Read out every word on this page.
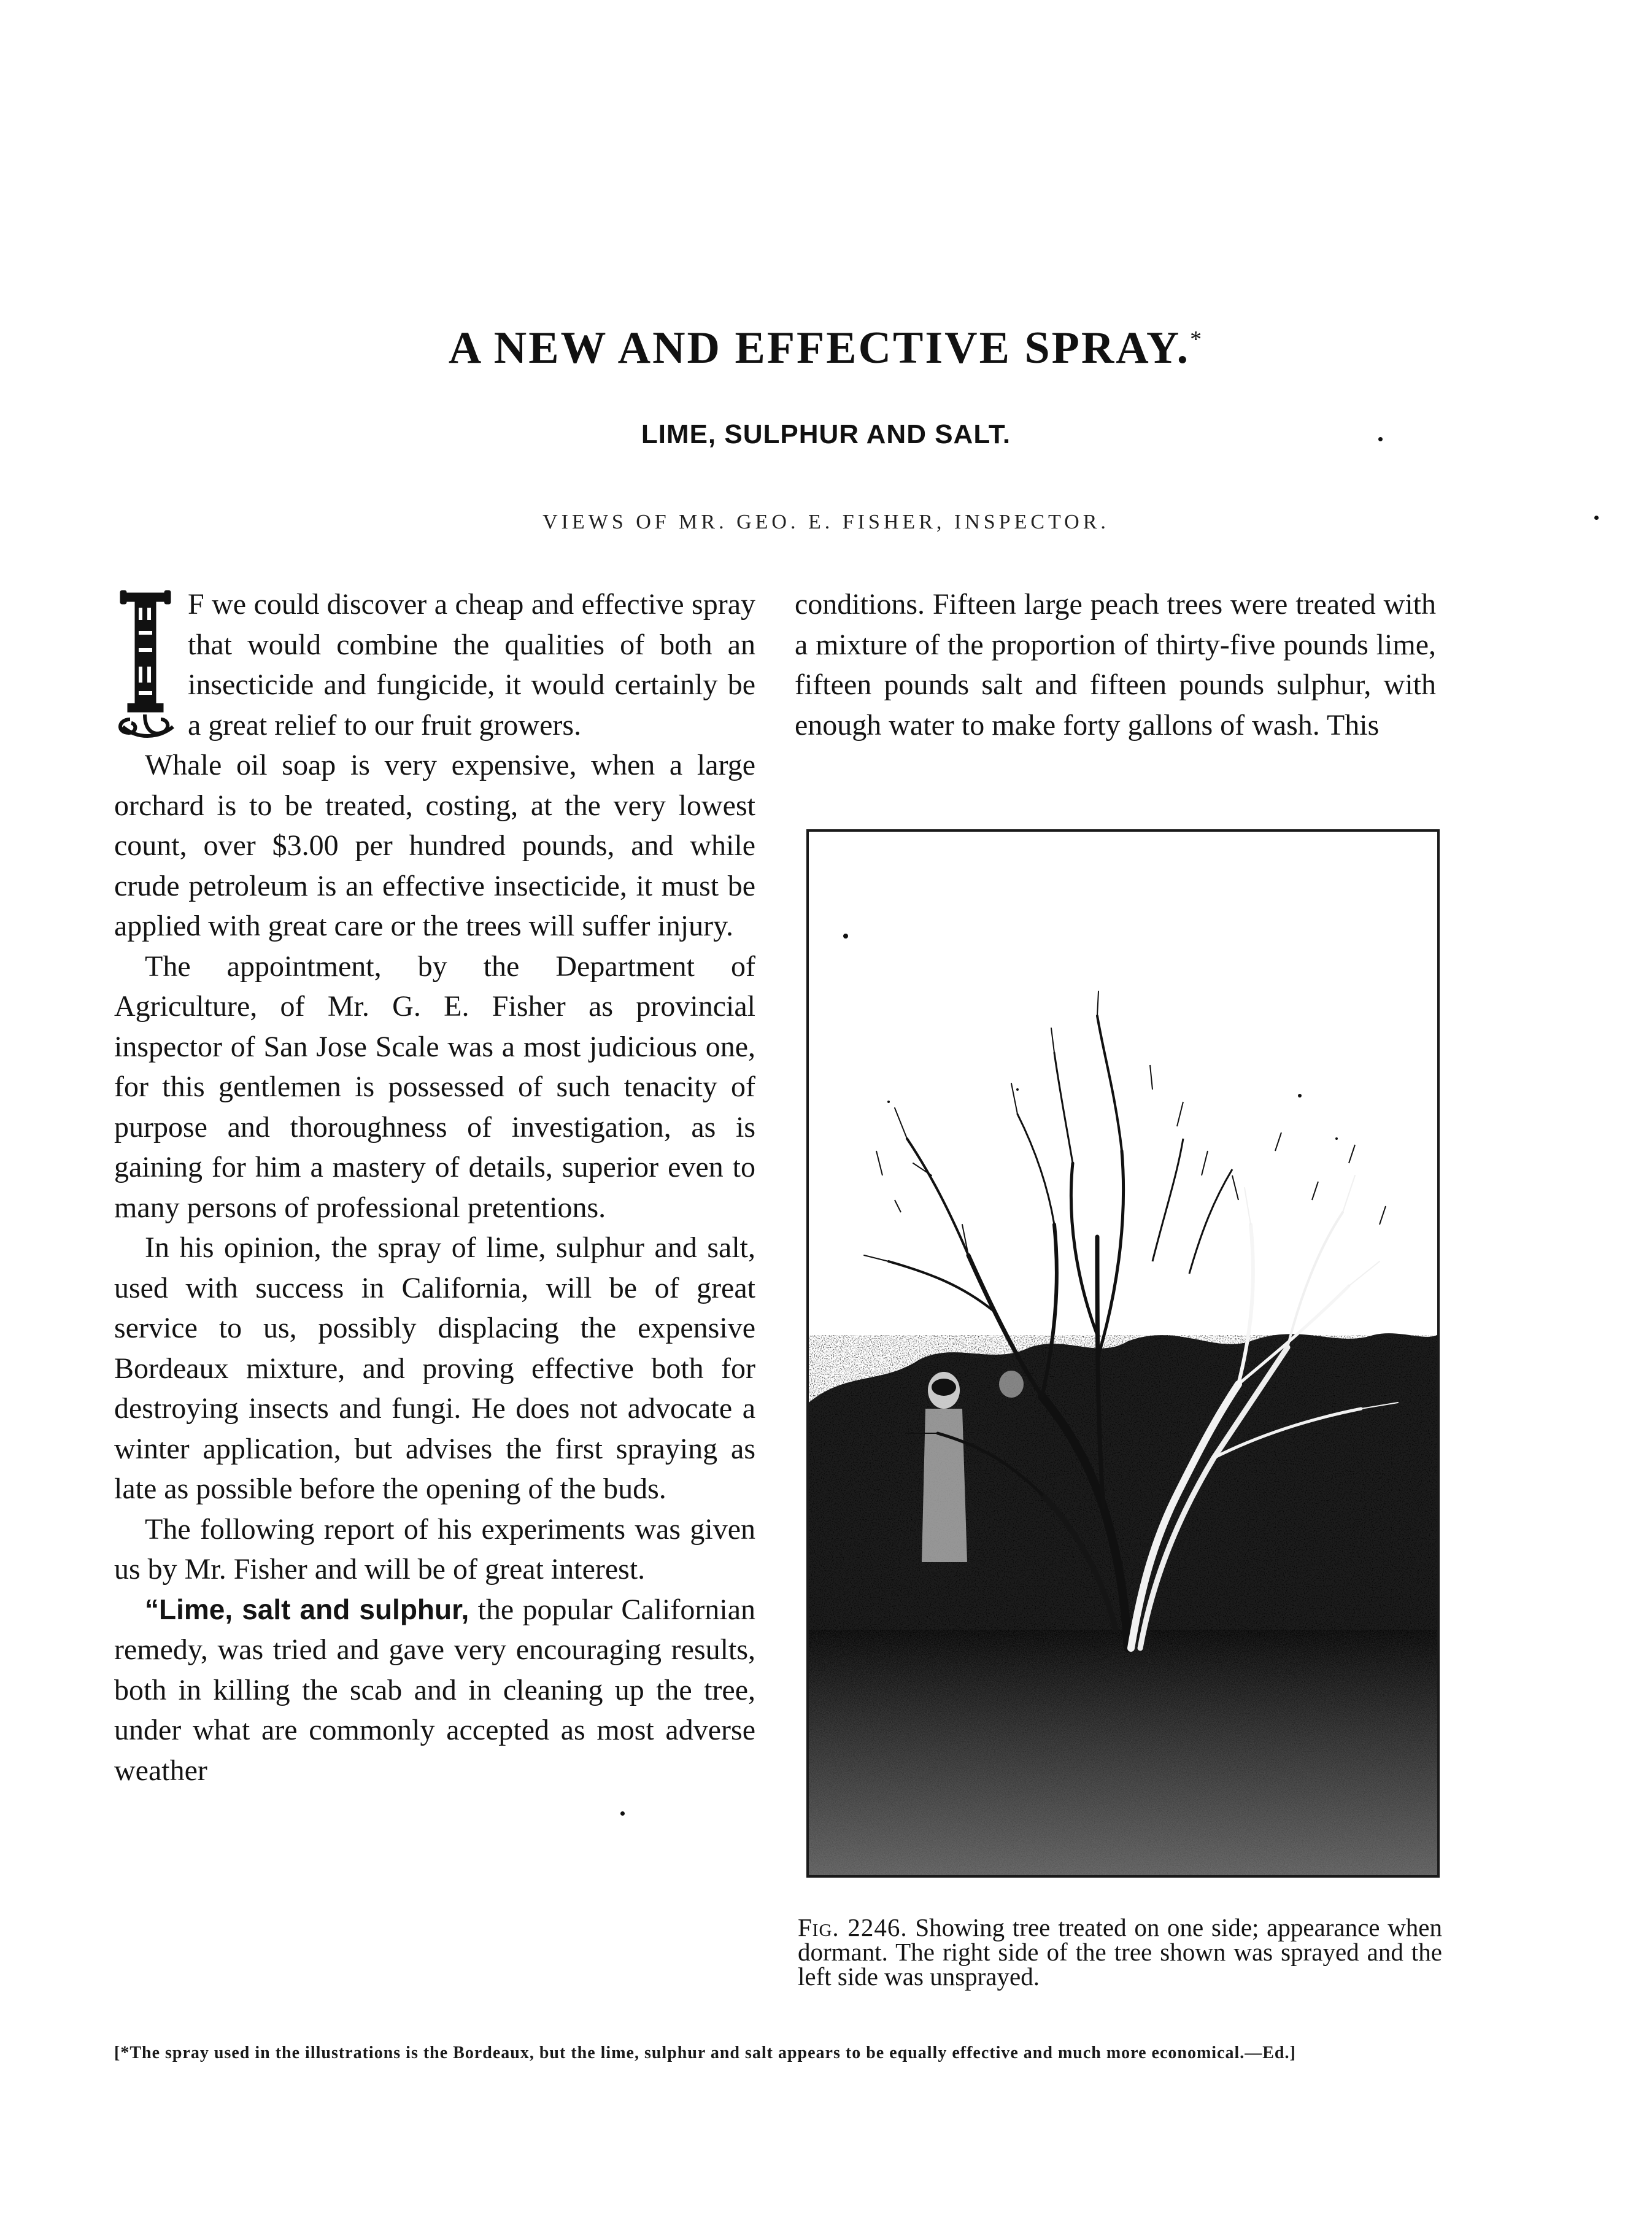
A NEW AND EFFECTIVE SPRAY.*
LIME, SULPHUR AND SALT.
VIEWS OF MR. GEO. E. FISHER, INSPECTOR.

F we could discover a cheap and effective spray that would combine the qualities of both an insecticide and fungicide, it would certainly be a great relief to our fruit growers.

Whale oil soap is very expensive, when a large orchard is to be treated, costing, at the very lowest count, over $3.00 per hundred pounds, and while crude petroleum is an effective insecticide, it must be applied with great care or the trees will suffer injury.

The appointment, by the Department of Agriculture, of Mr. G. E. Fisher as provincial inspector of San Jose Scale was a most judicious one, for this gentlemen is possessed of such tenacity of purpose and thoroughness of investigation, as is gaining for him a mastery of details, superior even to many persons of professional pretentions.

In his opinion, the spray of lime, sulphur and salt, used with success in California, will be of great service to us, possibly displacing the expensive Bordeaux mixture, and proving effective both for destroying insects and fungi. He does not advocate a winter application, but advises the first spraying as late as possible before the opening of the buds.

The following report of his experiments was given us by Mr. Fisher and will be of great interest.

“Lime, salt and sulphur, the popular Californian remedy, was tried and gave very encouraging results, both in killing the scab and in cleaning up the tree, under what are commonly accepted as most adverse weather

conditions. Fifteen large peach trees were treated with a mixture of the proportion of thirty-five pounds lime, fifteen pounds salt and fifteen pounds sulphur, with enough water to make forty gallons of wash. This

Fig. 2246. Showing tree treated on one side; appearance when dormant. The right side of the tree shown was sprayed and the left side was unsprayed.
[*The spray used in the illustrations is the Bordeaux, but the lime, sulphur and salt appears to be equally effective and much more economical.—Ed.]
